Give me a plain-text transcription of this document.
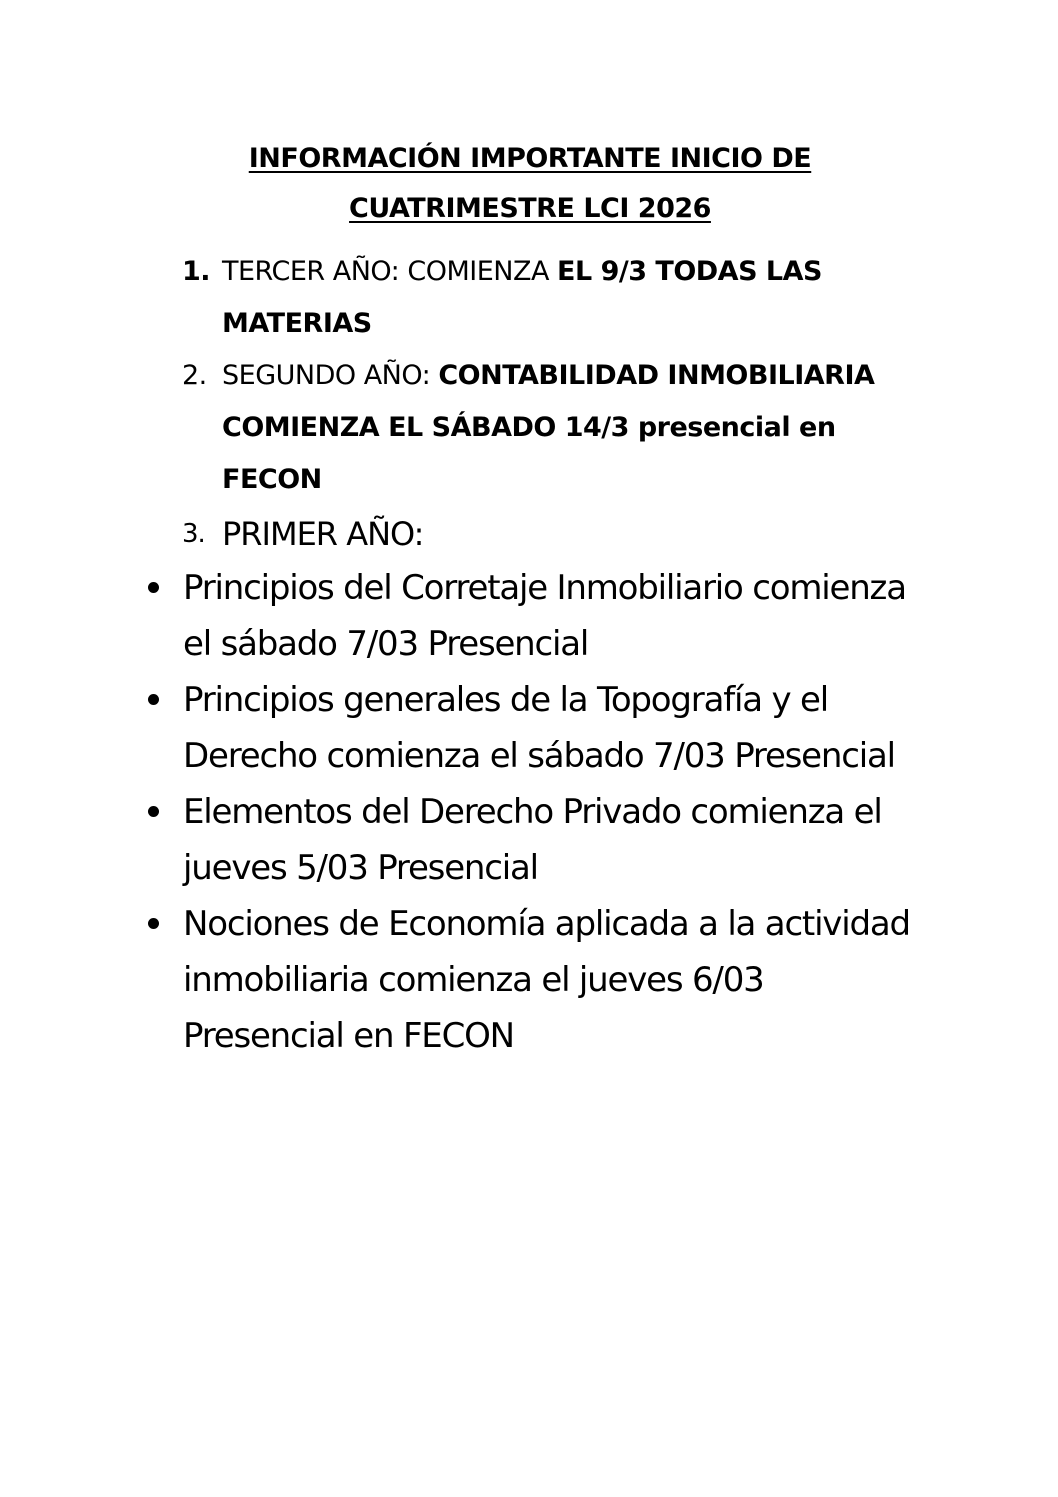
INFORMACIÓN IMPORTANTE INICIO DE
CUATRIMESTRE LCI 2026
1. TERCER AÑO: COMIENZA EL 9/3 TODAS LAS MATERIAS
2. SEGUNDO AÑO: CONTABILIDAD INMOBILIARIA COMIENZA EL SÁBADO 14/3 presencial en FECON
3. PRIMER AÑO:
Principios del Corretaje Inmobiliario comienza el sábado 7/03 Presencial
Principios generales de la Topografía y el Derecho comienza el sábado 7/03 Presencial
Elementos del Derecho Privado comienza el jueves 5/03 Presencial
Nociones de Economía aplicada a la actividad inmobiliaria comienza el jueves 6/03 Presencial en FECON
